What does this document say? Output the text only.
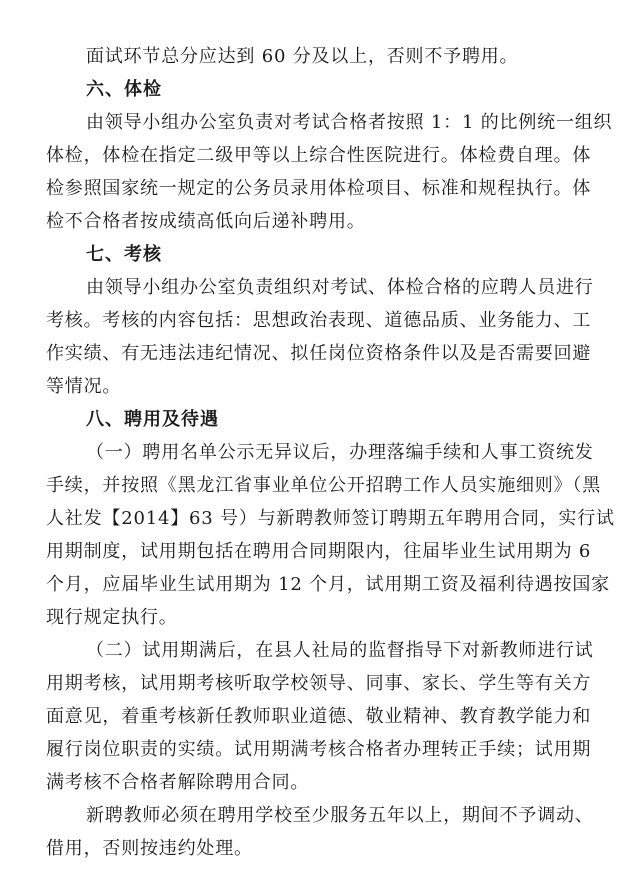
面试环节总分应达到 60 分及以上，否则不予聘用。
六、体检
由领导小组办公室负责对考试合格者按照 1：1 的比例统一组织
体检，体检在指定二级甲等以上综合性医院进行。体检费自理。体
检参照国家统一规定的公务员录用体检项目、标准和规程执行。体
检不合格者按成绩高低向后递补聘用。
七、考核
由领导小组办公室负责组织对考试、体检合格的应聘人员进行
考核。考核的内容包括：思想政治表现、道德品质、业务能力、工
作实绩、有无违法违纪情况、拟任岗位资格条件以及是否需要回避
等情况。
八、聘用及待遇
（一）聘用名单公示无异议后，办理落编手续和人事工资统发
手续，并按照《黑龙江省事业单位公开招聘工作人员实施细则》（黑
人社发【2014】63 号）与新聘教师签订聘期五年聘用合同，实行试
用期制度，试用期包括在聘用合同期限内，往届毕业生试用期为 6
个月，应届毕业生试用期为 12 个月，试用期工资及福利待遇按国家
现行规定执行。
（二）试用期满后，在县人社局的监督指导下对新教师进行试
用期考核，试用期考核听取学校领导、同事、家长、学生等有关方
面意见，着重考核新任教师职业道德、敬业精神、教育教学能力和
履行岗位职责的实绩。试用期满考核合格者办理转正手续；试用期
满考核不合格者解除聘用合同。
新聘教师必须在聘用学校至少服务五年以上，期间不予调动、
借用，否则按违约处理。
